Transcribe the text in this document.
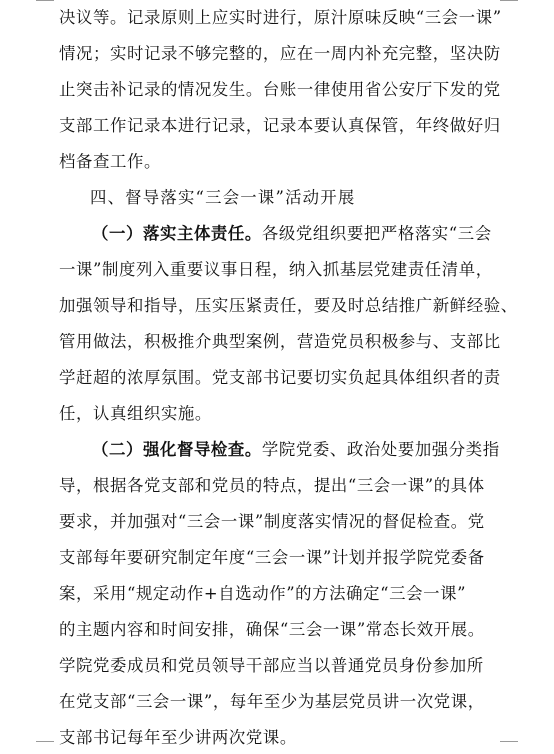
决议等。记录原则上应实时进行，原汁原味反映“三会一课”
情况；实时记录不够完整的，应在一周内补充完整，坚决防
止突击补记录的情况发生。台账一律使用省公安厅下发的党
支部工作记录本进行记录，记录本要认真保管，年终做好归
档备查工作。
四、督导落实“三会一课”活动开展
（一）落实主体责任。各级党组织要把严格落实“三会
一课”制度列入重要议事日程，纳入抓基层党建责任清单，
加强领导和指导，压实压紧责任，要及时总结推广新鲜经验、
管用做法，积极推介典型案例，营造党员积极参与、支部比
学赶超的浓厚氛围。党支部书记要切实负起具体组织者的责
任，认真组织实施。
（二）强化督导检查。学院党委、政治处要加强分类指
导，根据各党支部和党员的特点，提出“三会一课”的具体
要求，并加强对“三会一课”制度落实情况的督促检查。党
支部每年要研究制定年度“三会一课”计划并报学院党委备
案，采用“规定动作+自选动作”的方法确定“三会一课”
的主题内容和时间安排，确保“三会一课”常态长效开展。
学院党委成员和党员领导干部应当以普通党员身份参加所
在党支部“三会一课”，每年至少为基层党员讲一次党课，
支部书记每年至少讲两次党课。
